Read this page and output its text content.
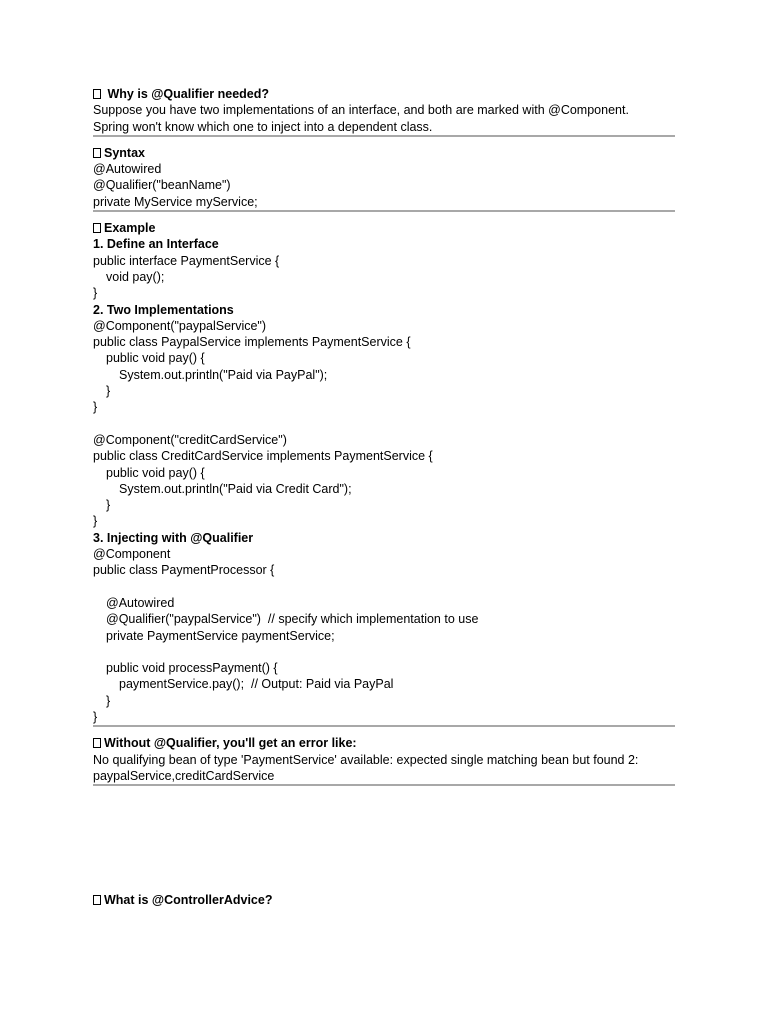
Why is @Qualifier needed?
Suppose you have two implementations of an interface, and both are marked with @Component.
Spring won't know which one to inject into a dependent class.
Syntax
@Autowired
@Qualifier("beanName")
private MyService myService;
Example
1. Define an Interface
public interface PaymentService {
void pay();
}
2. Two Implementations
@Component("paypalService")
public class PaypalService implements PaymentService {
public void pay() {
System.out.println("Paid via PayPal");
}
}
@Component("creditCardService")
public class CreditCardService implements PaymentService {
public void pay() {
System.out.println("Paid via Credit Card");
}
}
3. Injecting with @Qualifier
@Component
public class PaymentProcessor {
@Autowired
@Qualifier("paypalService")  // specify which implementation to use
private PaymentService paymentService;
public void processPayment() {
paymentService.pay();  // Output: Paid via PayPal
}
}
Without @Qualifier, you'll get an error like:
No qualifying bean of type 'PaymentService' available: expected single matching bean but found 2:
paypalService,creditCardService
What is @ControllerAdvice?
